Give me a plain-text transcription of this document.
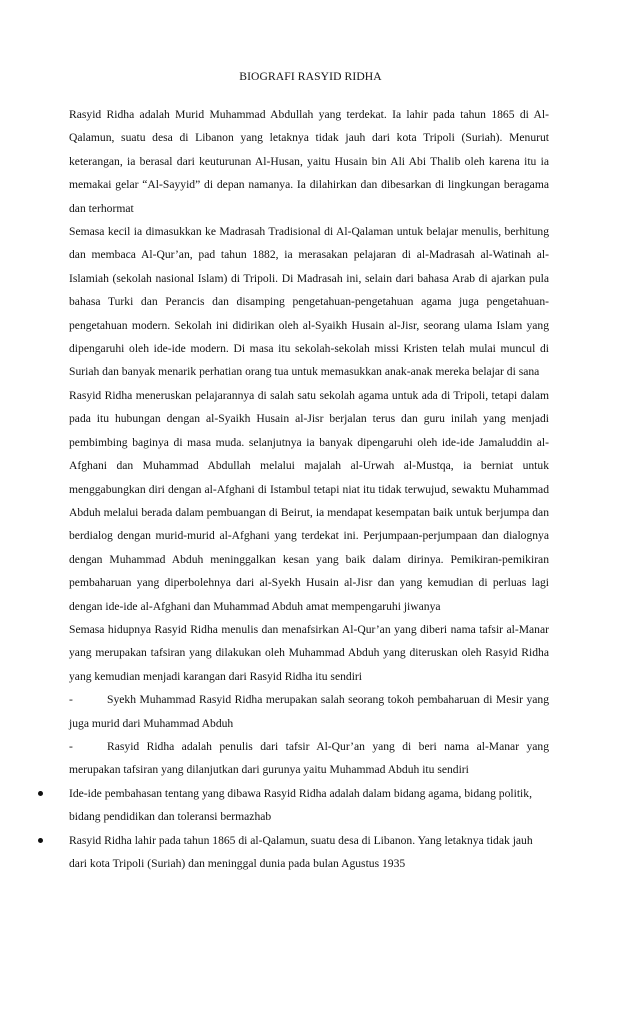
BIOGRAFI RASYID RIDHA

Rasyid Ridha adalah Murid Muhammad Abdullah yang terdekat. Ia lahir pada tahun 1865 di Al-Qalamun, suatu desa di Libanon yang letaknya tidak jauh dari kota Tripoli (Suriah). Menurut keterangan, ia berasal dari keuturunan Al-Husan, yaitu Husain bin Ali Abi Thalib oleh karena itu ia memakai gelar “Al-Sayyid” di depan namanya. Ia dilahirkan dan dibesarkan di lingkungan beragama dan terhormat

Semasa kecil ia dimasukkan ke Madrasah Tradisional di Al-Qalaman untuk belajar menulis, berhitung dan membaca Al-Qur’an, pad tahun 1882, ia merasakan pelajaran di al-Madrasah al-Watinah al-Islamiah (sekolah nasional Islam) di Tripoli. Di Madrasah ini, selain dari bahasa Arab di ajarkan pula bahasa Turki dan Perancis dan disamping pengetahuan-pengetahuan agama juga pengetahuan-pengetahuan modern. Sekolah ini didirikan oleh al-Syaikh Husain al-Jisr, seorang ulama Islam yang dipengaruhi oleh ide-ide modern. Di masa itu sekolah-sekolah missi Kristen telah mulai muncul di Suriah dan banyak menarik perhatian orang tua untuk memasukkan anak-anak mereka belajar di sana

Rasyid Ridha meneruskan pelajarannya di salah satu sekolah agama untuk ada di Tripoli, tetapi dalam pada itu hubungan dengan al-Syaikh Husain al-Jisr berjalan terus dan guru inilah yang menjadi pembimbing baginya di masa muda. selanjutnya ia banyak dipengaruhi oleh ide-ide Jamaluddin al-Afghani dan Muhammad Abdullah melalui majalah al-Urwah al-Mustqa, ia berniat untuk menggabungkan diri dengan al-Afghani di Istambul tetapi niat itu tidak terwujud, sewaktu Muhammad Abduh melalui berada dalam pembuangan di Beirut, ia mendapat kesempatan baik untuk berjumpa dan berdialog dengan murid-murid al-Afghani yang terdekat ini. Perjumpaan-perjumpaan dan dialognya dengan Muhammad Abduh meninggalkan kesan yang baik dalam dirinya. Pemikiran-pemikiran pembaharuan yang diperbolehnya dari al-Syekh Husain al-Jisr dan yang kemudian di perluas lagi dengan ide-ide al-Afghani dan Muhammad Abduh amat mempengaruhi jiwanya

Semasa hidupnya Rasyid Ridha menulis dan menafsirkan Al-Qur’an yang diberi nama tafsir al-Manar yang merupakan tafsiran yang dilakukan oleh Muhammad Abduh yang diteruskan oleh Rasyid Ridha yang kemudian menjadi karangan dari Rasyid Ridha itu sendiri

-	Syekh Muhammad Rasyid Ridha merupakan salah seorang tokoh pembaharuan di Mesir yang juga murid dari Muhammad Abduh

-	Rasyid Ridha adalah penulis dari tafsir Al-Qur’an yang di beri nama al-Manar yang merupakan tafsiran yang dilanjutkan dari gurunya yaitu Muhammad Abduh itu sendiri

Ide-ide pembahasan tentang yang dibawa Rasyid Ridha adalah dalam bidang agama, bidang politik, bidang pendidikan dan toleransi bermazhab
Rasyid Ridha lahir pada tahun 1865 di al-Qalamun, suatu desa di Libanon. Yang letaknya tidak jauh dari kota Tripoli (Suriah) dan meninggal dunia pada bulan Agustus 1935
